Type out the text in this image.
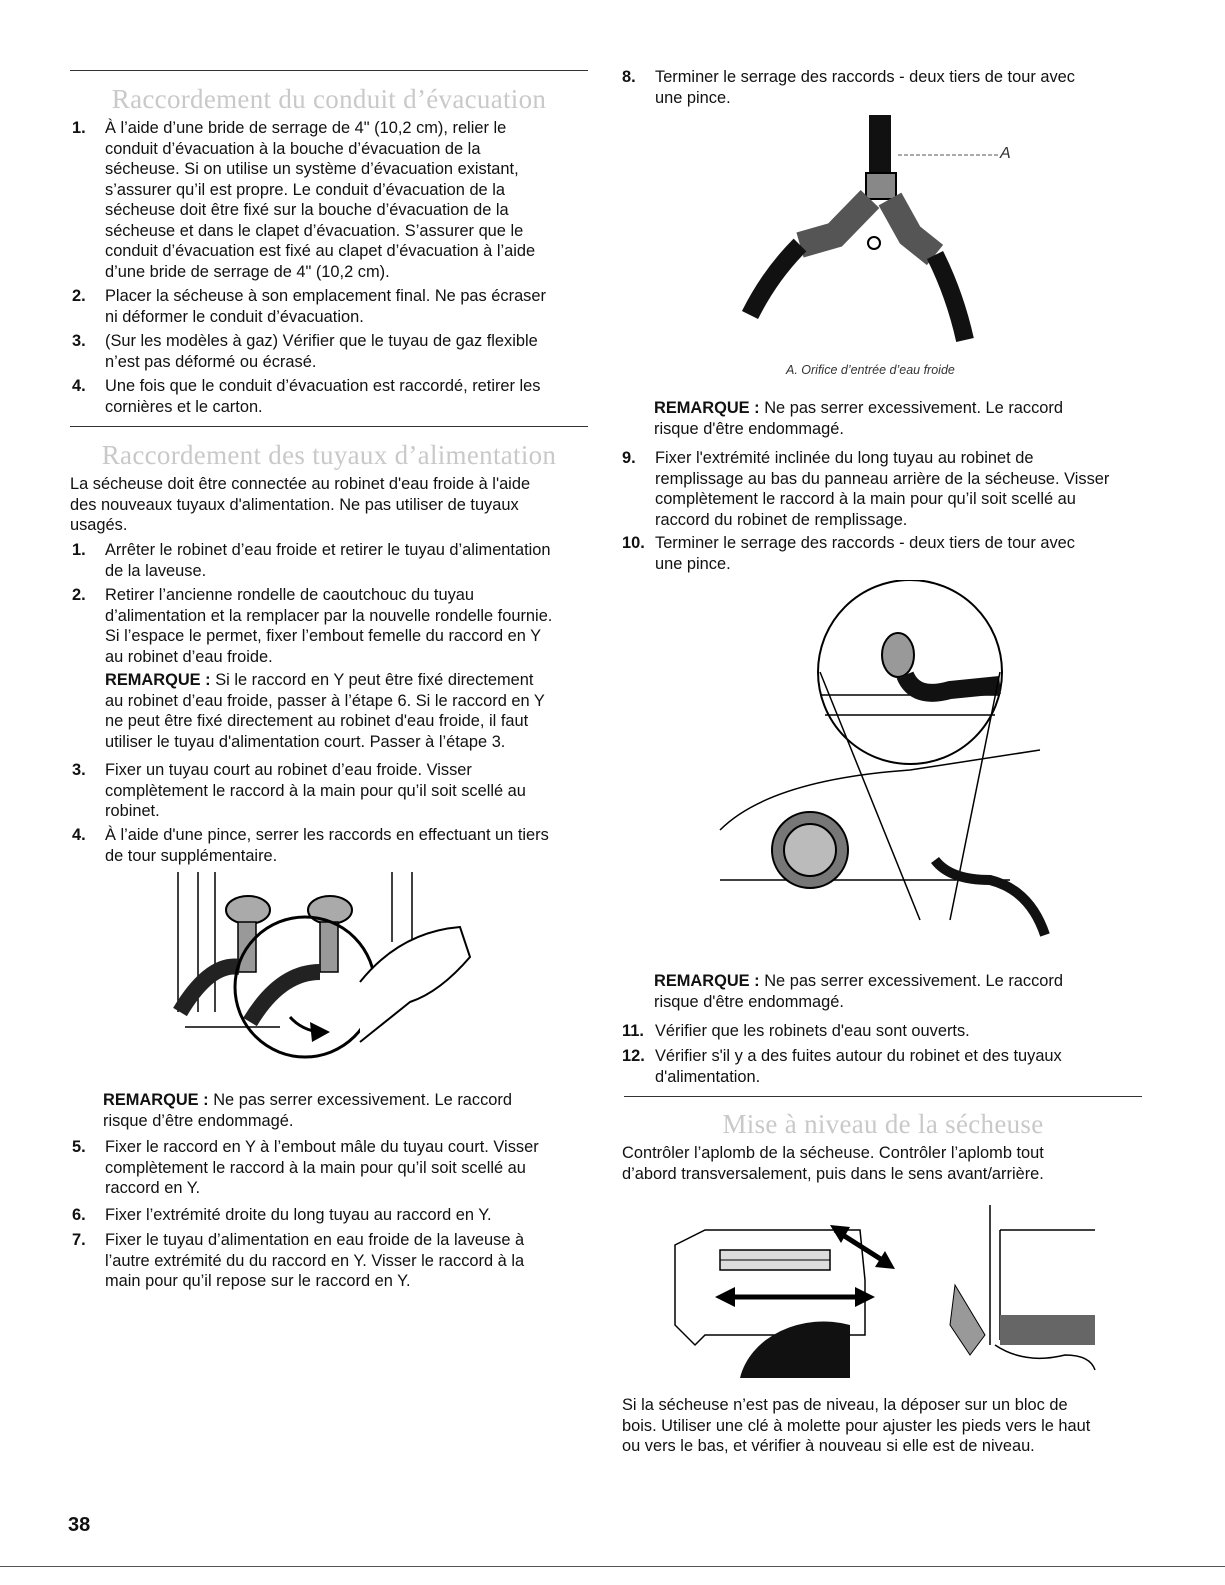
Raccordement du conduit d’évacuation
1. À l’aide d’une bride de serrage de 4" (10,2 cm), relier le
conduit d’évacuation à la bouche d’évacuation de la
sécheuse. Si on utilise un système d’évacuation existant,
s’assurer qu’il est propre. Le conduit d’évacuation de la
sécheuse doit être fixé sur la bouche d’évacuation de la
sécheuse et dans le clapet d’évacuation. S’assurer que le
conduit d’évacuation est fixé au clapet d’évacuation à l’aide
d’une bride de serrage de 4" (10,2 cm).
2. Placer la sécheuse à son emplacement final. Ne pas écraser
ni déformer le conduit d’évacuation.
3. (Sur les modèles à gaz) Vérifier que le tuyau de gaz flexible
n’est pas déformé ou écrasé.
4. Une fois que le conduit d’évacuation est raccordé, retirer les
cornières et le carton.
Raccordement des tuyaux d’alimentation
La sécheuse doit être connectée au robinet d'eau froide à l'aide
des nouveaux tuyaux d'alimentation. Ne pas utiliser de tuyaux
usagés.
1. Arrêter le robinet d’eau froide et retirer le tuyau d’alimentation
de la laveuse.
2. Retirer l’ancienne rondelle de caoutchouc du tuyau
d’alimentation et la remplacer par la nouvelle rondelle fournie.
Si l’espace le permet, fixer l’embout femelle du raccord en Y
au robinet d’eau froide.
REMARQUE : Si le raccord en Y peut être fixé directement
au robinet d’eau froide, passer à l’étape 6. Si le raccord en Y
ne peut être fixé directement au robinet d'eau froide, il faut
utiliser le tuyau d'alimentation court. Passer à l’étape 3.
3. Fixer un tuyau court au robinet d’eau froide. Visser
complètement le raccord à la main pour qu’il soit scellé au
robinet.
4. À l’aide d'une pince, serrer les raccords en effectuant un tiers
de tour supplémentaire.
REMARQUE : Ne pas serrer excessivement. Le raccord
risque d’être endommagé.
5. Fixer le raccord en Y à l’embout mâle du tuyau court. Visser
complètement le raccord à la main pour qu’il soit scellé au
raccord en Y.
6. Fixer l’extrémité droite du long tuyau au raccord en Y.
7. Fixer le tuyau d’alimentation en eau froide de la laveuse à
l’autre extrémité du du raccord en Y. Visser le raccord à la
main pour qu’il repose sur le raccord en Y.
8. Terminer le serrage des raccords - deux tiers de tour avec
une pince.
A
A. Orifice d’entrée d’eau froide
REMARQUE : Ne pas serrer excessivement. Le raccord
risque d'être endommagé.
9. Fixer l'extrémité inclinée du long tuyau au robinet de
remplissage au bas du panneau arrière de la sécheuse. Visser
complètement le raccord à la main pour qu’il soit scellé au
raccord du robinet de remplissage.
10. Terminer le serrage des raccords - deux tiers de tour avec
une pince.
REMARQUE : Ne pas serrer excessivement. Le raccord
risque d'être endommagé.
11. Vérifier que les robinets d'eau sont ouverts.
12. Vérifier s'il y a des fuites autour du robinet et des tuyaux
d'alimentation.
Mise à niveau de la sécheuse
Contrôler l’aplomb de la sécheuse. Contrôler l’aplomb tout
d’abord transversalement, puis dans le sens avant/arrière.
Si la sécheuse n’est pas de niveau, la déposer sur un bloc de
bois. Utiliser une clé à molette pour ajuster les pieds vers le haut
ou vers le bas, et vérifier à nouveau si elle est de niveau.
38
